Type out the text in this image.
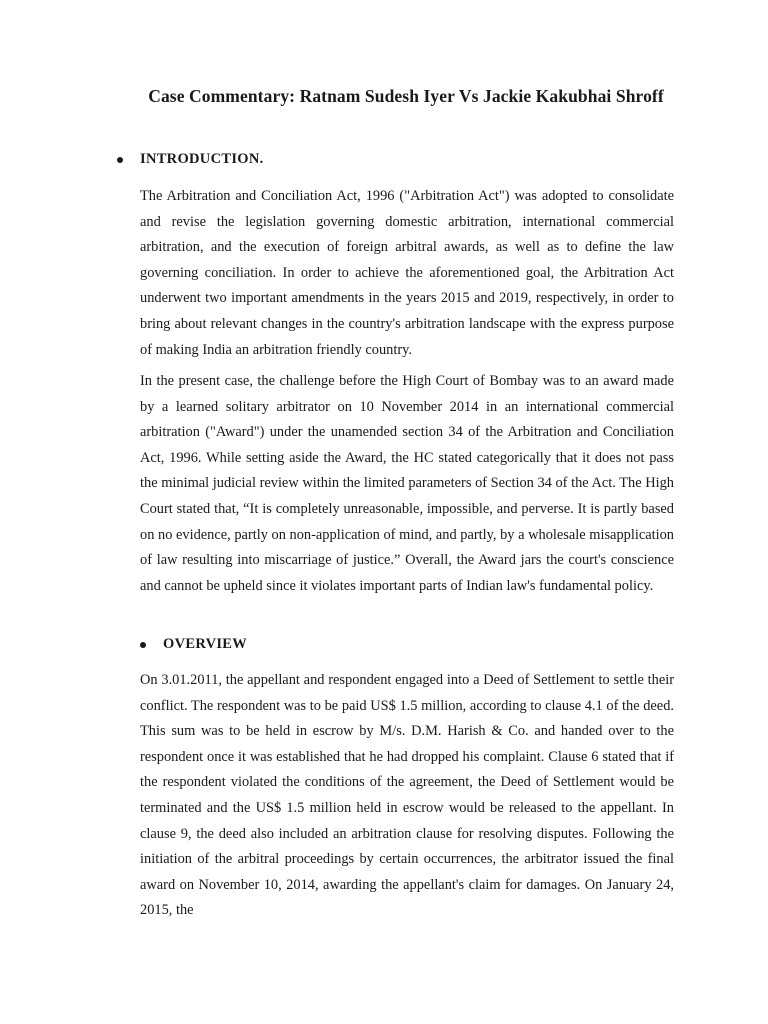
Case Commentary: Ratnam Sudesh Iyer Vs Jackie Kakubhai Shroff
INTRODUCTION.
The Arbitration and Conciliation Act, 1996 ("Arbitration Act") was adopted to consolidate and revise the legislation governing domestic arbitration, international commercial arbitration, and the execution of foreign arbitral awards, as well as to define the law governing conciliation. In order to achieve the aforementioned goal, the Arbitration Act underwent two important amendments in the years 2015 and 2019, respectively, in order to bring about relevant changes in the country's arbitration landscape with the express purpose of making India an arbitration friendly country.
In the present case, the challenge before the High Court of Bombay was to an award made by a learned solitary arbitrator on 10 November 2014 in an international commercial arbitration ("Award") under the unamended section 34 of the Arbitration and Conciliation Act, 1996. While setting aside the Award, the HC stated categorically that it does not pass the minimal judicial review within the limited parameters of Section 34 of the Act. The High Court stated that, “It is completely unreasonable, impossible, and perverse. It is partly based on no evidence, partly on non-application of mind, and partly, by a wholesale misapplication of law resulting into miscarriage of justice.” Overall, the Award jars the court's conscience and cannot be upheld since it violates important parts of Indian law's fundamental policy.
OVERVIEW
On 3.01.2011, the appellant and respondent engaged into a Deed of Settlement to settle their conflict. The respondent was to be paid US$ 1.5 million, according to clause 4.1 of the deed. This sum was to be held in escrow by M/s. D.M. Harish & Co. and handed over to the respondent once it was established that he had dropped his complaint. Clause 6 stated that if the respondent violated the conditions of the agreement, the Deed of Settlement would be terminated and the US$ 1.5 million held in escrow would be released to the appellant. In clause 9, the deed also included an arbitration clause for resolving disputes. Following the initiation of the arbitral proceedings by certain occurrences, the arbitrator issued the final award on November 10, 2014, awarding the appellant's claim for damages. On January 24, 2015, the
